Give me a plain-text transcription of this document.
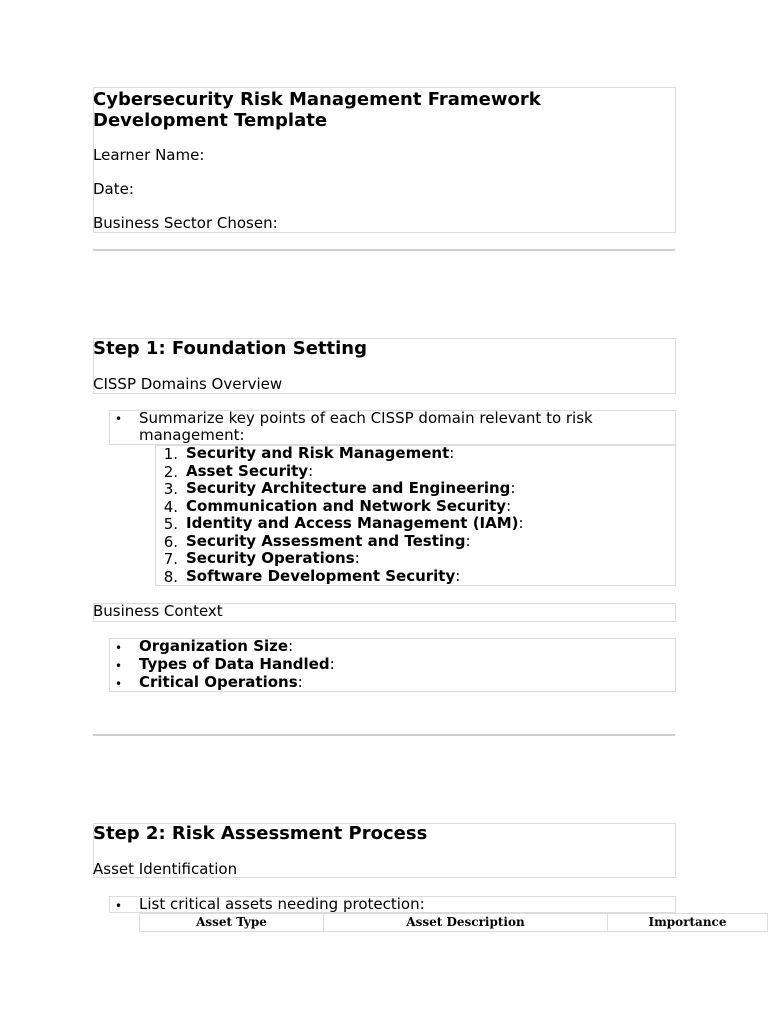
Cybersecurity Risk Management Framework
Development Template
Learner Name:
Date:
Business Sector Chosen:
Step 1: Foundation Setting
CISSP Domains Overview
• Summarize key points of each CISSP domain relevant to risk
management:
1. Security and Risk Management:
2. Asset Security:
3. Security Architecture and Engineering:
4. Communication and Network Security:
5. Identity and Access Management (IAM):
6. Security Assessment and Testing:
7. Security Operations:
8. Software Development Security:
Business Context
• Organization Size:
• Types of Data Handled:
• Critical Operations:
Step 2: Risk Assessment Process
Asset Identification
• List critical assets needing protection:
Asset Type	Asset Description	Importance
